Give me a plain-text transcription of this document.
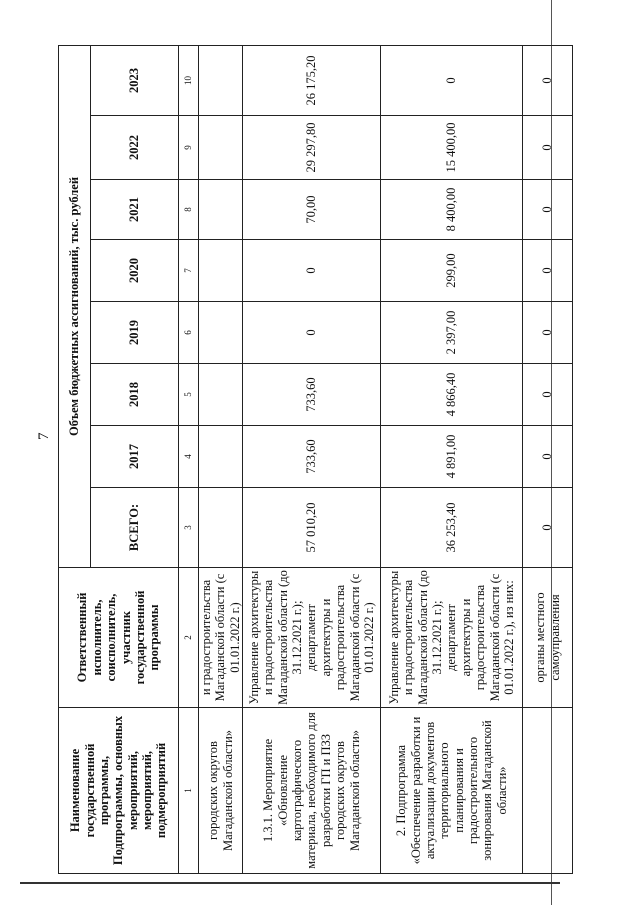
7
Наименование государственной программы, Подпрограммы, основных мероприятий, мероприятий, подмероприятий	Ответственный исполнитель, соисполнитель, участник государственной программы	Объем бюджетных ассигнований, тыс. рублей							
		ВСЕГО:	2017	2018	2019	2020	2021	2022	2023
1	2	3	4	5	6	7	8	9	10
городских округов Магаданской области»	и градостроительства Магаданской области (с 01.01.2022 г.)								
1.3.1. Мероприятие «Обновление картографического материала, необходимого для разработки ГП и ПЗЗ городских округов Магаданской области»	Управление архитектуры и градостроительства Магаданской области (до 31.12.2021 г.); департамент архитектуры и градостроительства Магаданской области (с 01.01.2022 г.)	57 010,20	733,60	733,60	0	0	70,00	29 297,80	26 175,20
2. Подпрограмма «Обеспечение разработки и актуализации документов территориального планирования и градостроительного зонирования Магаданской области»	Управление архитектуры и градостроительства Магаданской области (до 31.12.2021 г.); департамент архитектуры и градостроительства Магаданской области (с 01.01.2022 г.), из них:	36 253,40	4 891,00	4 866,40	2 397,00	299,00	8 400,00	15 400,00	0
	органы местного самоуправления	0	0	0	0	0	0	0	0
